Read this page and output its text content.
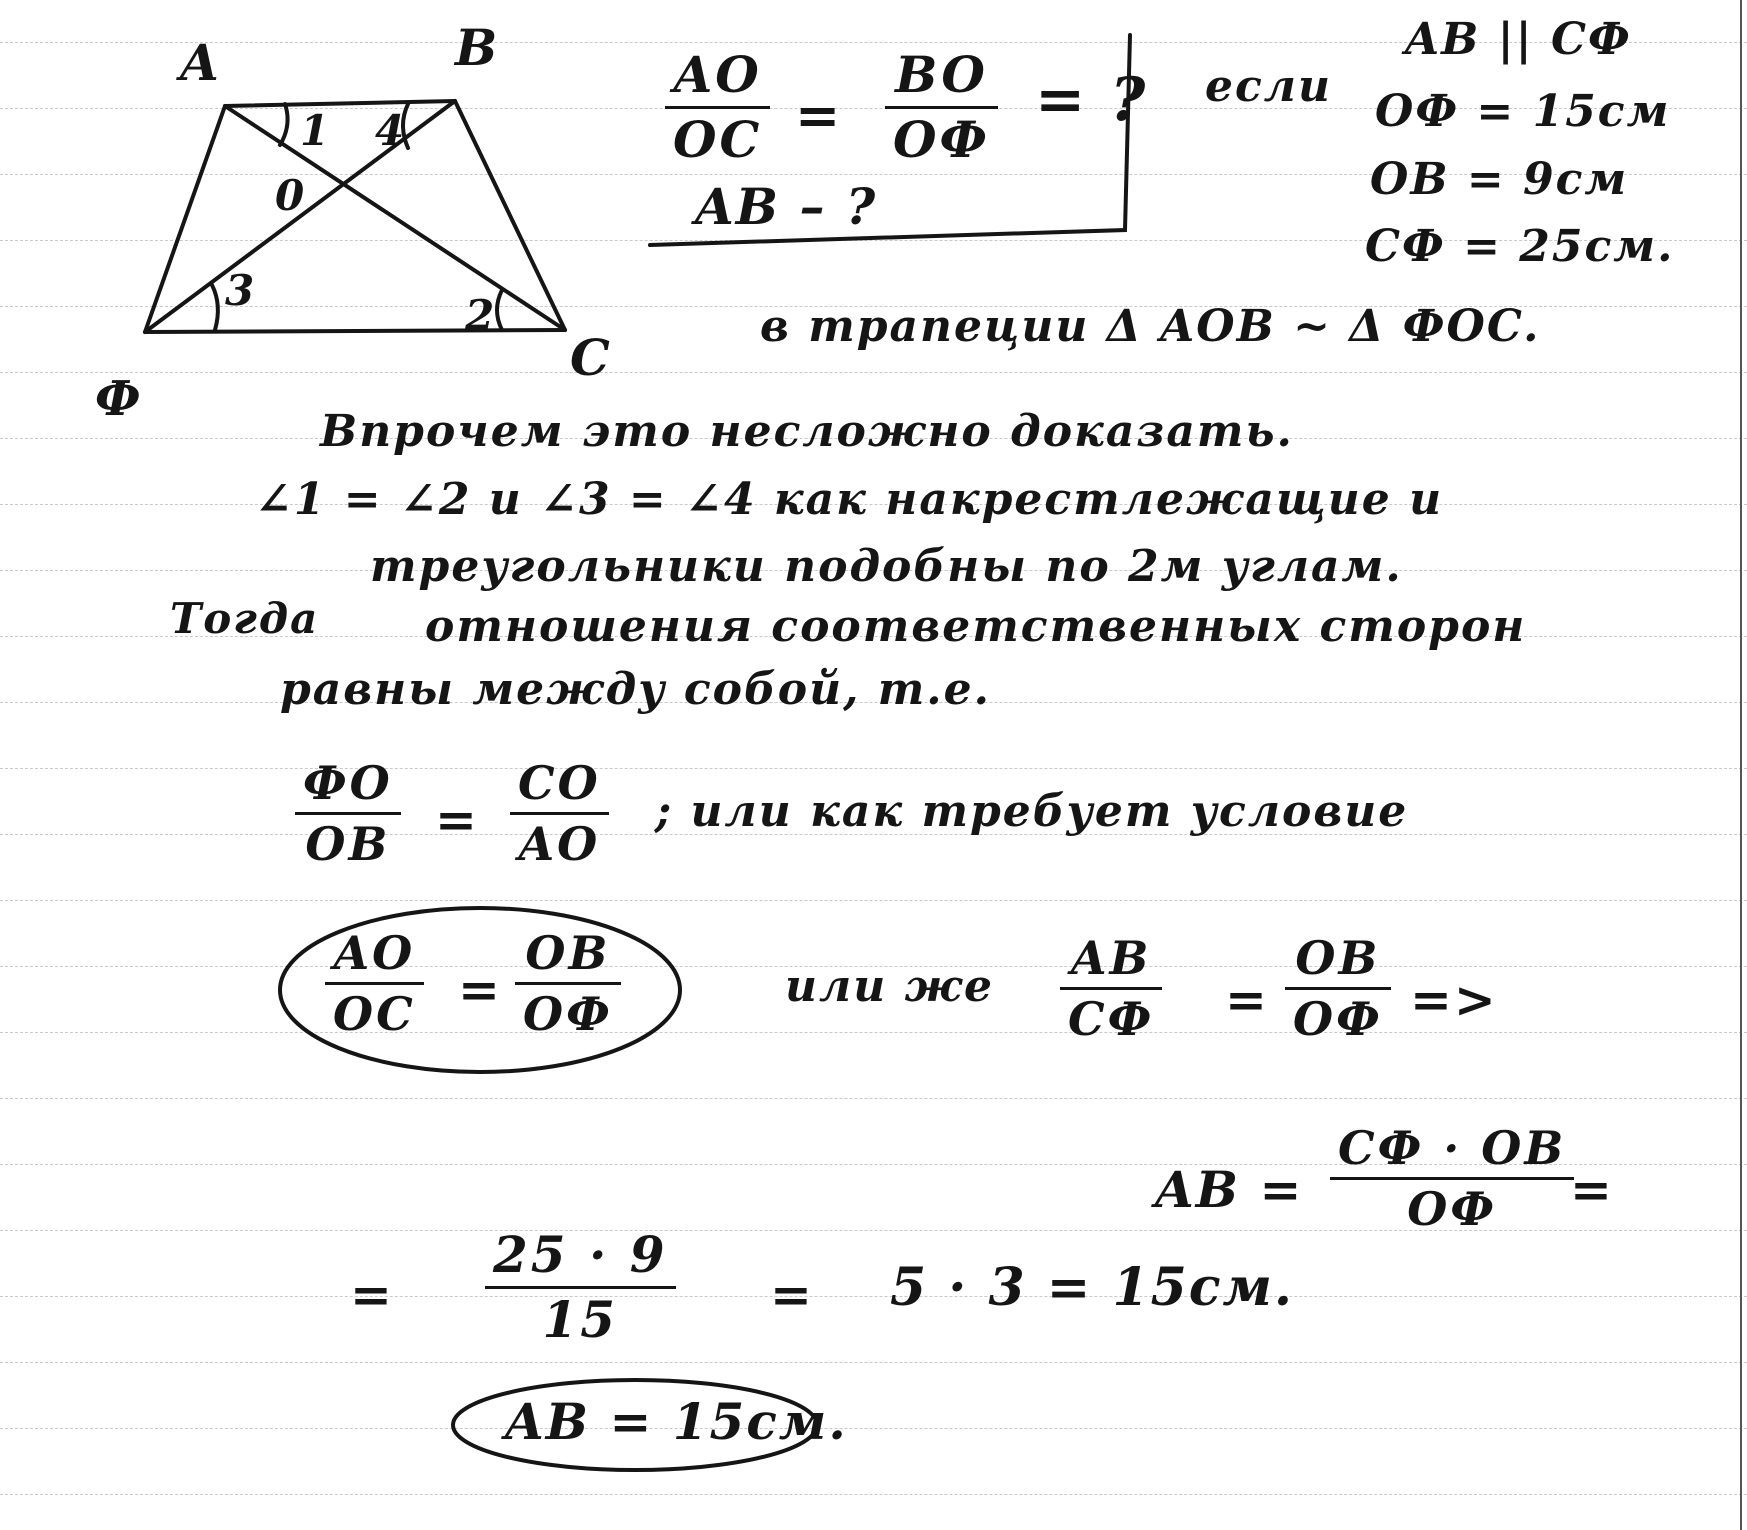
A	B
C
Ф
0
1
2
3
4
AO
OC =
BO
OФ
= ?
AB – ?
если
AB || CФ
OФ = 15см
OB = 9см
CФ = 25см.
в трапеции Δ AOB ~ Δ ФOC.
Впрочем это несложно доказать.
∠1 = ∠2 и ∠3 = ∠4 как накрестлежащие и
треугольники подобны по 2м углам.
Тогда отношения соответственных сторон
равны между собой, т.е.
ФO
OB =
CO
AO
; или как требует условие
AO
OC =
OB
OФ
или же
AB
CФ =
OB
OФ =>
AB =
CФ · OB
OФ =
=
25 · 9
15	= 5 · 3 = 15см.
AB = 15см.
